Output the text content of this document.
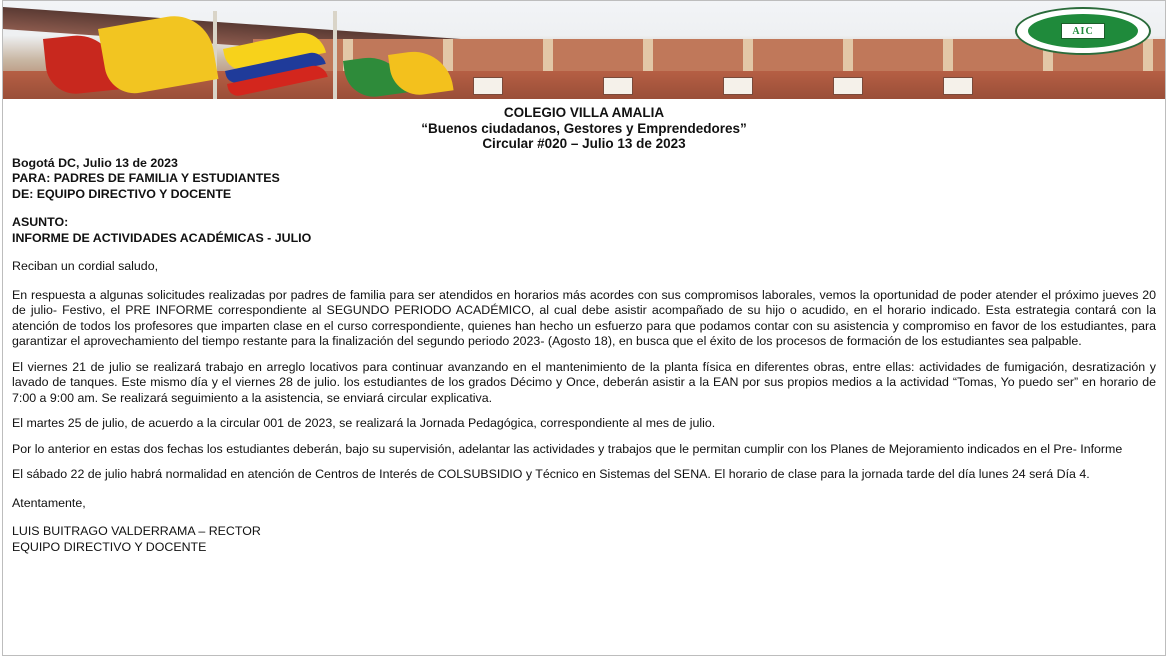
AIC

COLEGIO VILLA AMALIA

“Buenos ciudadanos, Gestores y Emprendedores”

Circular #020 – Julio 13 de 2023

Bogotá DC, Julio 13 de 2023

PARA: PADRES DE FAMILIA Y ESTUDIANTES

DE: EQUIPO DIRECTIVO Y DOCENTE

ASUNTO:

INFORME DE ACTIVIDADES ACADÉMICAS - JULIO

Reciban un cordial saludo,

En respuesta a algunas solicitudes realizadas por padres de familia para ser atendidos en horarios más acordes con sus compromisos laborales, vemos la oportunidad de poder atender el próximo jueves 20 de julio- Festivo, el PRE INFORME correspondiente al SEGUNDO PERIODO ACADÉMICO, al cual debe asistir acompañado de su hijo o acudido, en el horario indicado. Esta estrategia contará con la atención de todos los profesores que imparten clase en el curso correspondiente, quienes han hecho un esfuerzo para que podamos contar con su asistencia y compromiso en favor de los estudiantes, para garantizar el aprovechamiento del tiempo restante para la finalización del segundo periodo 2023- (Agosto 18), en busca que el éxito de los procesos de formación de los estudiantes sea palpable.

El viernes 21 de julio se realizará trabajo en arreglo locativos para continuar avanzando en el mantenimiento de la planta física en diferentes obras, entre ellas: actividades de fumigación, desratización y lavado de tanques. Este mismo día y el viernes 28 de julio. los estudiantes de los grados Décimo y Once, deberán asistir a la EAN por sus propios medios a la actividad “Tomas, Yo puedo ser” en horario de 7:00 a 9:00 am. Se realizará seguimiento a la asistencia, se enviará circular explicativa.

El martes 25 de julio, de acuerdo a la circular 001 de 2023, se realizará la Jornada Pedagógica, correspondiente al mes de julio.

Por lo anterior en estas dos fechas los estudiantes deberán, bajo su supervisión, adelantar las actividades y trabajos que le permitan cumplir con los Planes de Mejoramiento indicados en el Pre- Informe

El sábado 22 de julio habrá normalidad en atención de Centros de Interés de COLSUBSIDIO y Técnico en Sistemas del SENA. El horario de clase para la jornada tarde del día lunes 24 será Día 4.

Atentamente,

LUIS BUITRAGO VALDERRAMA – RECTOR

EQUIPO DIRECTIVO Y DOCENTE
